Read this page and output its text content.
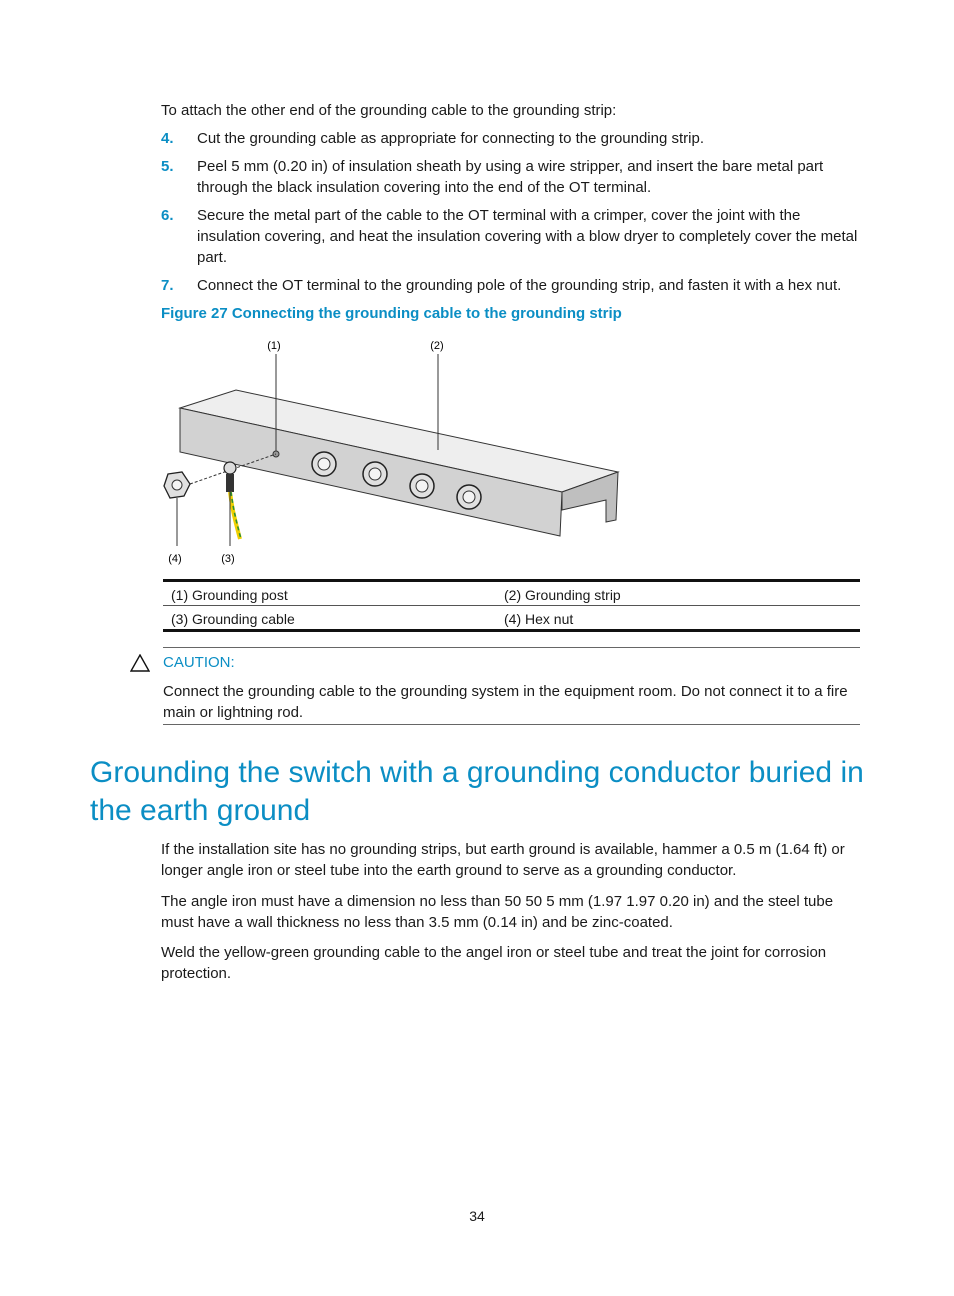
To attach the other end of the grounding cable to the grounding strip:

4. Cut the grounding cable as appropriate for connecting to the grounding strip.
5. Peel 5 mm (0.20 in) of insulation sheath by using a wire stripper, and insert the bare metal part through the black insulation covering into the end of the OT terminal.
6. Secure the metal part of the cable to the OT terminal with a crimper, cover the joint with the insulation covering, and heat the insulation covering with a blow dryer to completely cover the metal part.
7. Connect the OT terminal to the grounding pole of the grounding strip, and fasten it with a hex nut.
Figure 27 Connecting the grounding cable to the grounding strip
(1)	(2)
(4)	(3)
(1) Grounding post	(2) Grounding strip
(3) Grounding cable	(4) Hex nut
CAUTION:
Connect the grounding cable to the grounding system in the equipment room. Do not connect it to a fire main or lightning rod.
Grounding the switch with a grounding conductor buried in the earth ground

If the installation site has no grounding strips, but earth ground is available, hammer a 0.5 m (1.64 ft) or longer angle iron or steel tube into the earth ground to serve as a grounding conductor.

The angle iron must have a dimension no less than 50 50 5 mm (1.97 1.97 0.20 in) and the steel tube must have a wall thickness no less than 3.5 mm (0.14 in) and be zinc-coated.

Weld the yellow-green grounding cable to the angel iron or steel tube and treat the joint for corrosion protection.

34
